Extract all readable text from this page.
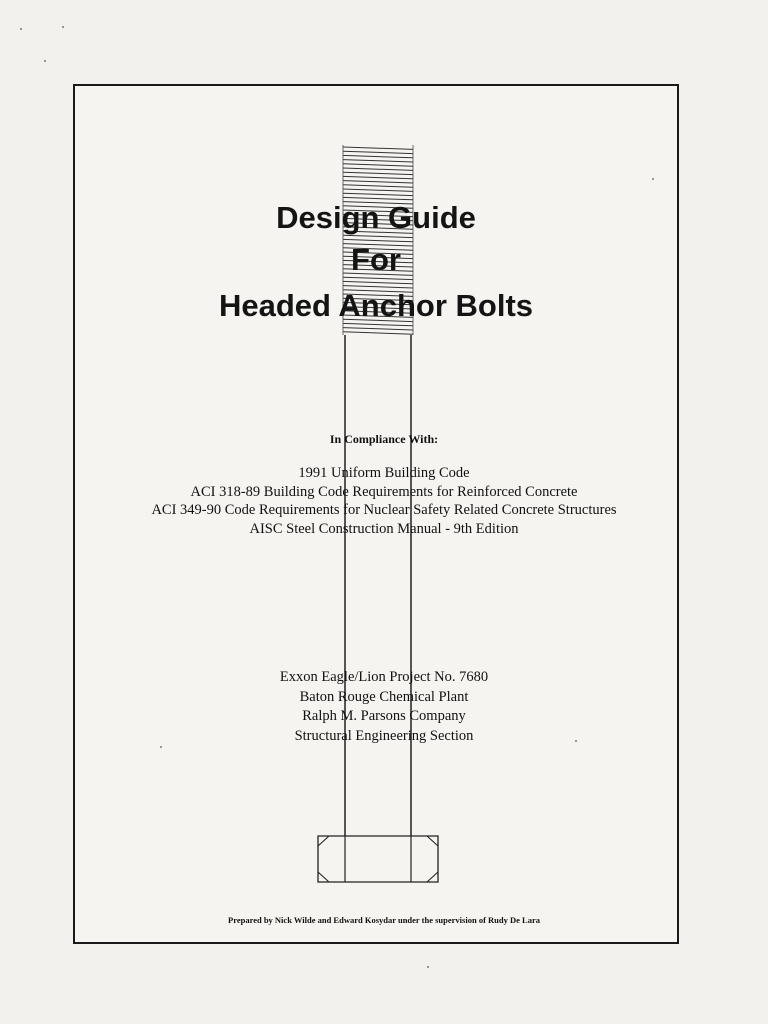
Design Guide
For
Headed Anchor Bolts
In Compliance With:
1991 Uniform Building Code
ACI 318-89 Building Code Requirements for Reinforced Concrete
ACI 349-90 Code Requirements for Nuclear Safety Related Concrete Structures
AISC Steel Construction Manual - 9th Edition
Exxon Eagle/Lion Project No. 7680
Baton Rouge Chemical Plant
Ralph M. Parsons Company
Structural Engineering Section
Prepared by Nick Wilde and Edward Kosydar under the supervision of Rudy De Lara
